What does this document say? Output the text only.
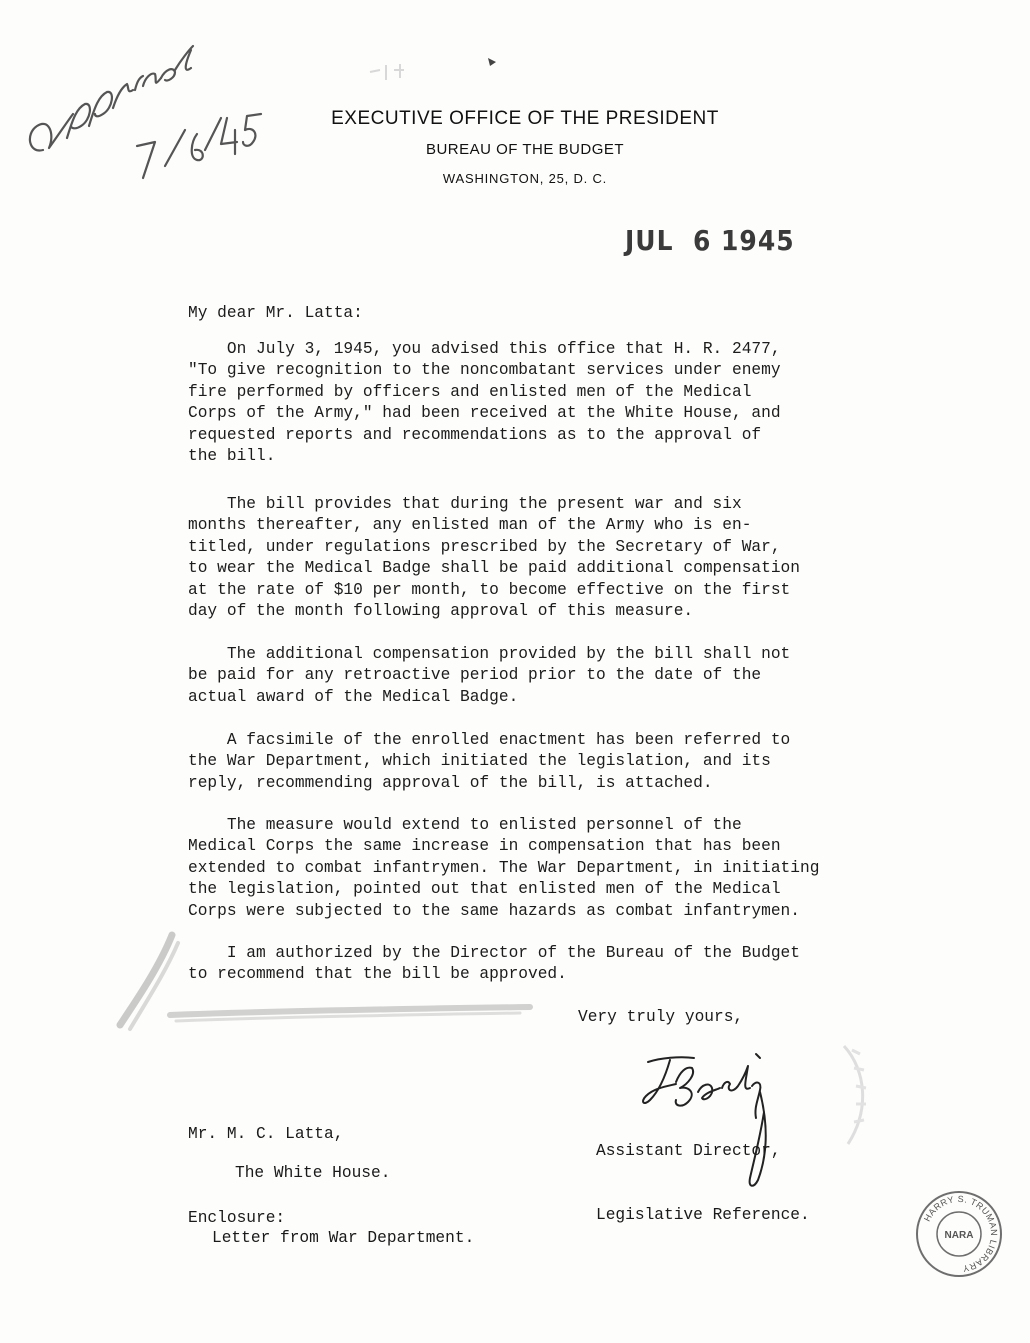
EXECUTIVE OFFICE OF THE PRESIDENT

BUREAU OF THE BUDGET

WASHINGTON, 25, D. C.

JUL  6 1945
My dear Mr. Latta:
On July 3, 1945, you advised this office that H. R. 2477,
"To give recognition to the noncombatant services under enemy
fire performed by officers and enlisted men of the Medical
Corps of the Army," had been received at the White House, and
requested reports and recommendations as to the approval of
the bill.
The bill provides that during the present war and six
months thereafter, any enlisted man of the Army who is en-
titled, under regulations prescribed by the Secretary of War,
to wear the Medical Badge shall be paid additional compensation
at the rate of $10 per month, to become effective on the first
day of the month following approval of this measure.
The additional compensation provided by the bill shall not
be paid for any retroactive period prior to the date of the
actual award of the Medical Badge.
A facsimile of the enrolled enactment has been referred to
the War Department, which initiated the legislation, and its
reply, recommending approval of the bill, is attached.
The measure would extend to enlisted personnel of the
Medical Corps the same increase in compensation that has been
extended to combat infantrymen. The War Department, in initiating
the legislation, pointed out that enlisted men of the Medical
Corps were subjected to the same hazards as combat infantrymen.
I am authorized by the Director of the Bureau of the Budget
to recommend that the bill be approved.
Very truly yours,

Assistant Director,

Legislative Reference.

Mr. M. C. Latta,
The White House.
Enclosure:
Letter from War Department.
HARRY S. TRUMAN LIBRARY
NARA
